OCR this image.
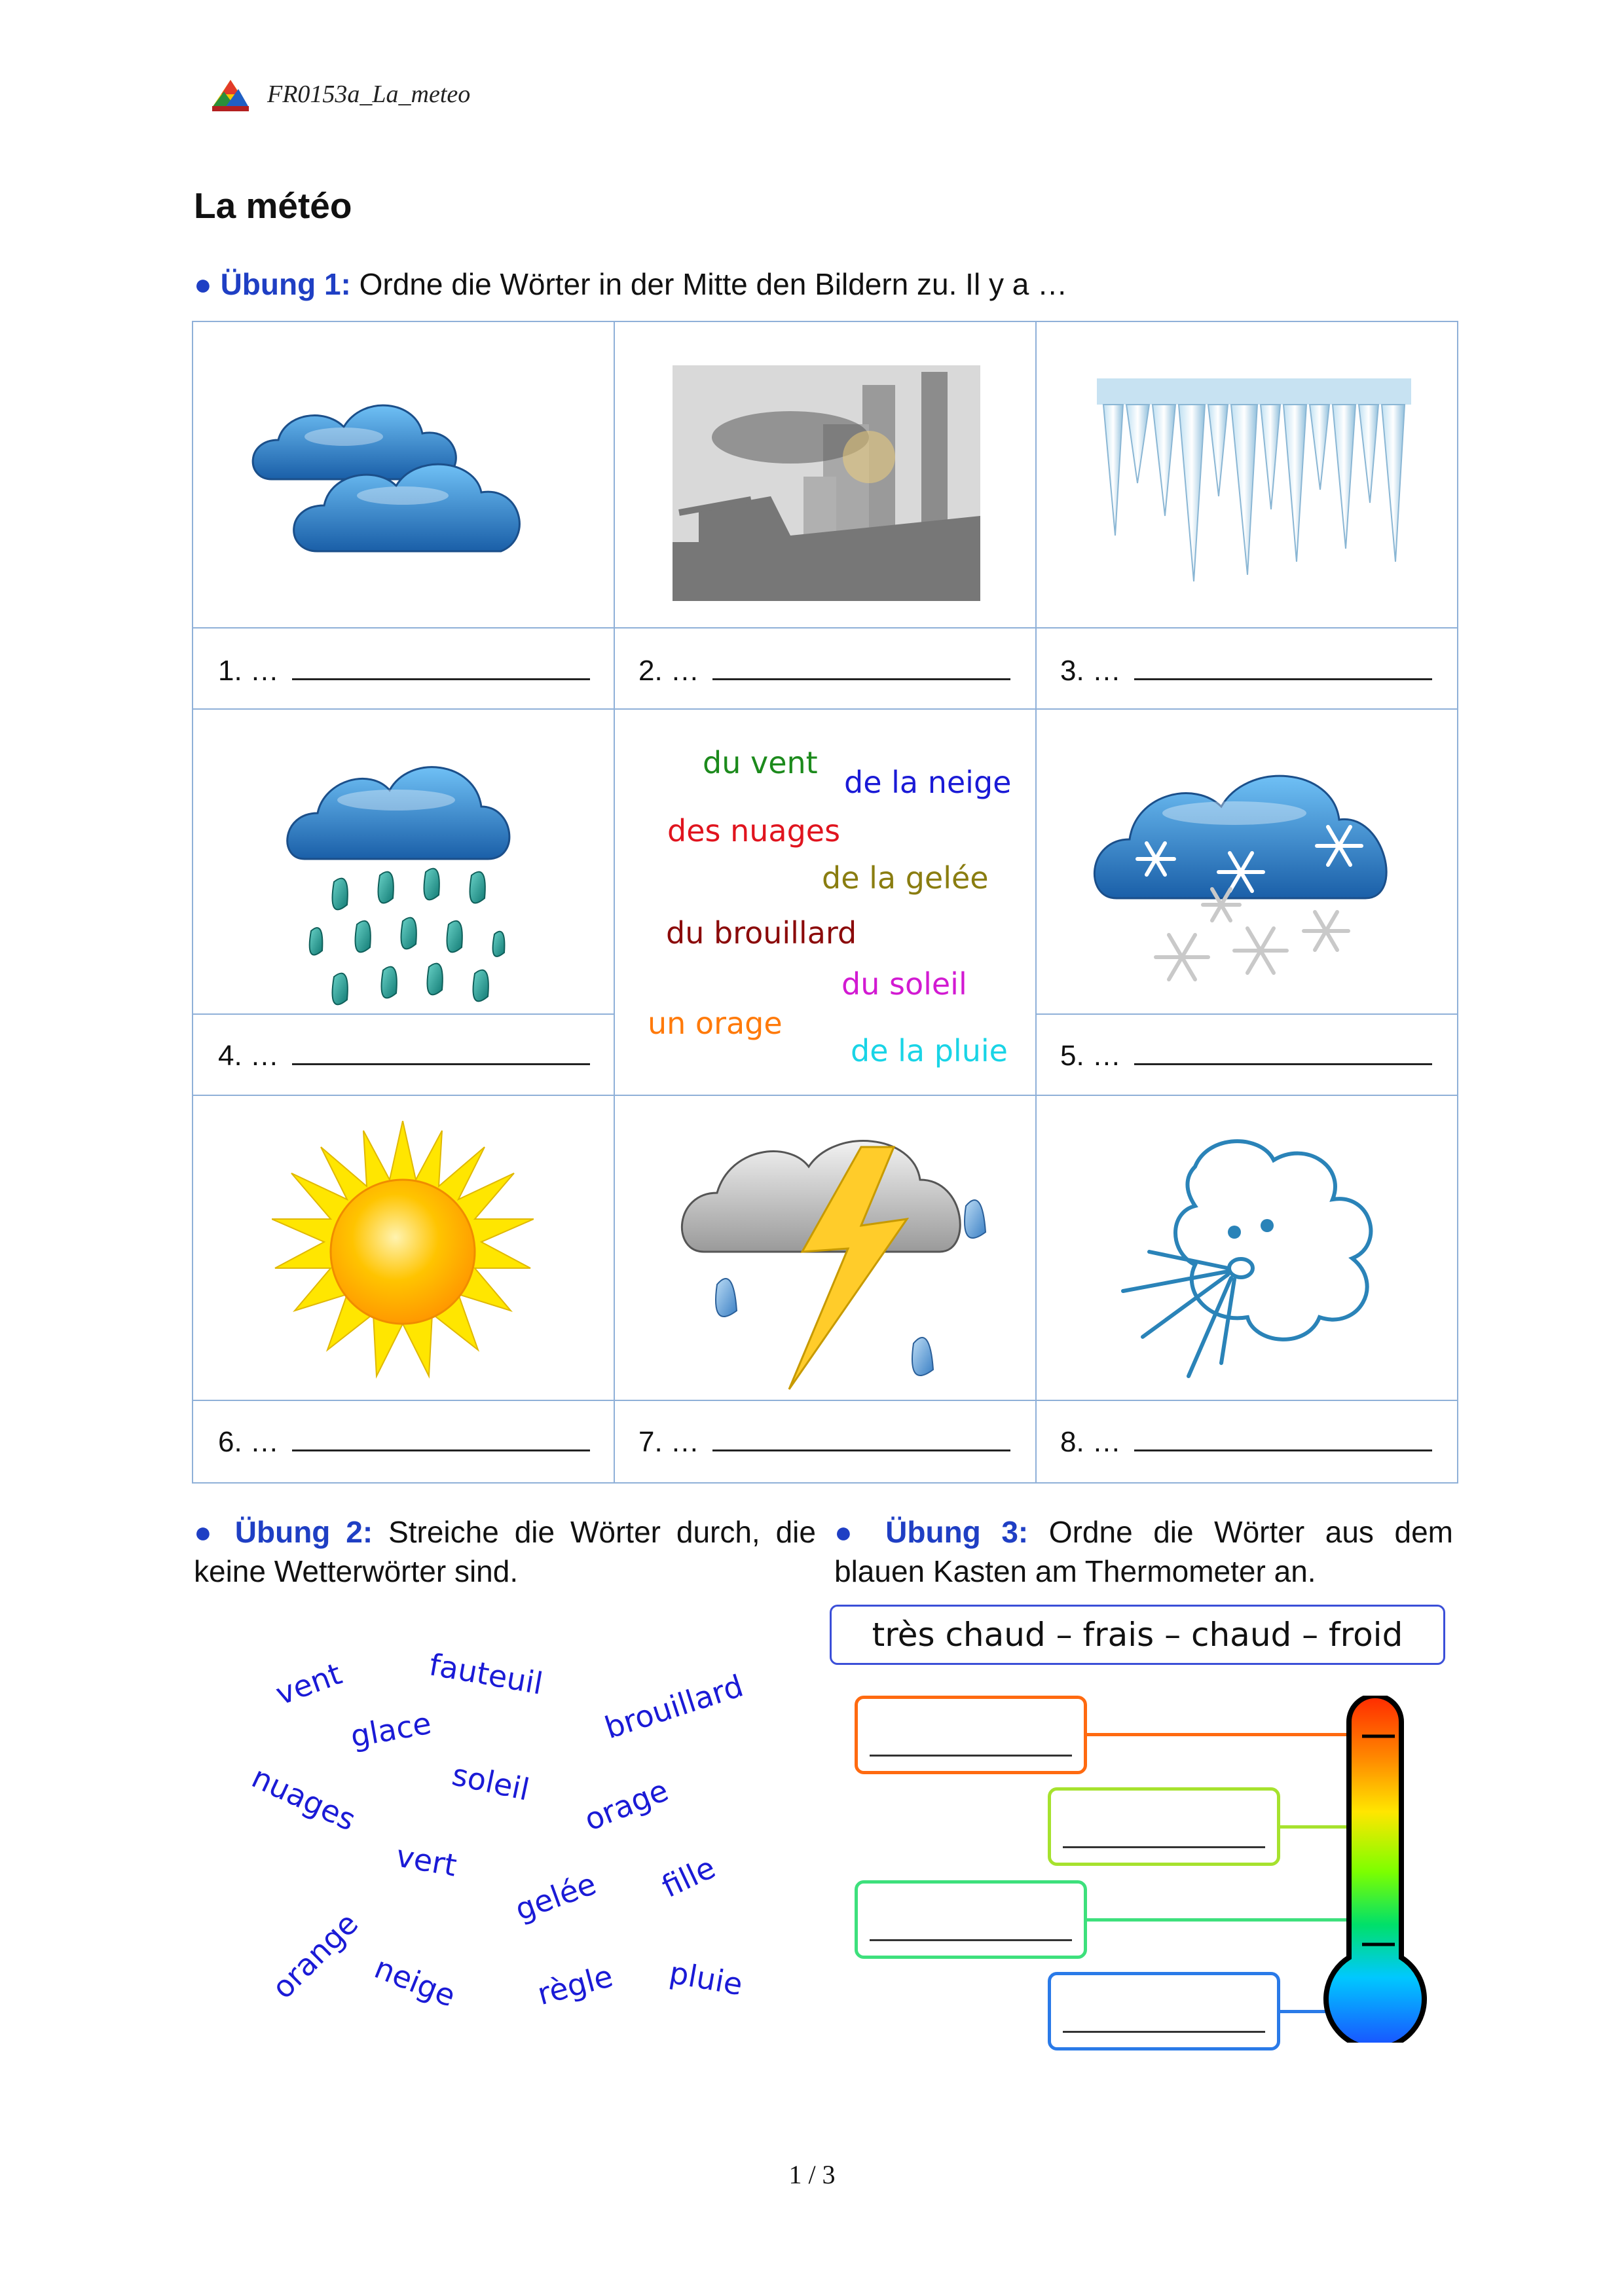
FR0153a_La_meteo
La météo
● Übung 1: Ordne die Wörter in der Mitte den Bildern zu. Il y a …
du vent
de la neige
des nuages
de la gelée
du brouillard
du soleil
un orage
de la pluie
1. …	2. …	3. …
4. …	5. …
6. …	7. …	8. …
● Übung 2: Streiche die Wörter durch, die keine Wetterwörter sind.
vent	fauteuil
glace	brouillard
nuages	soleil orage
vert
gelée fille
orange neige règle pluie
● Übung 3: Ordne die Wörter aus dem blauen Kasten am Thermometer an.
très chaud – frais – chaud – froid
1 / 3
